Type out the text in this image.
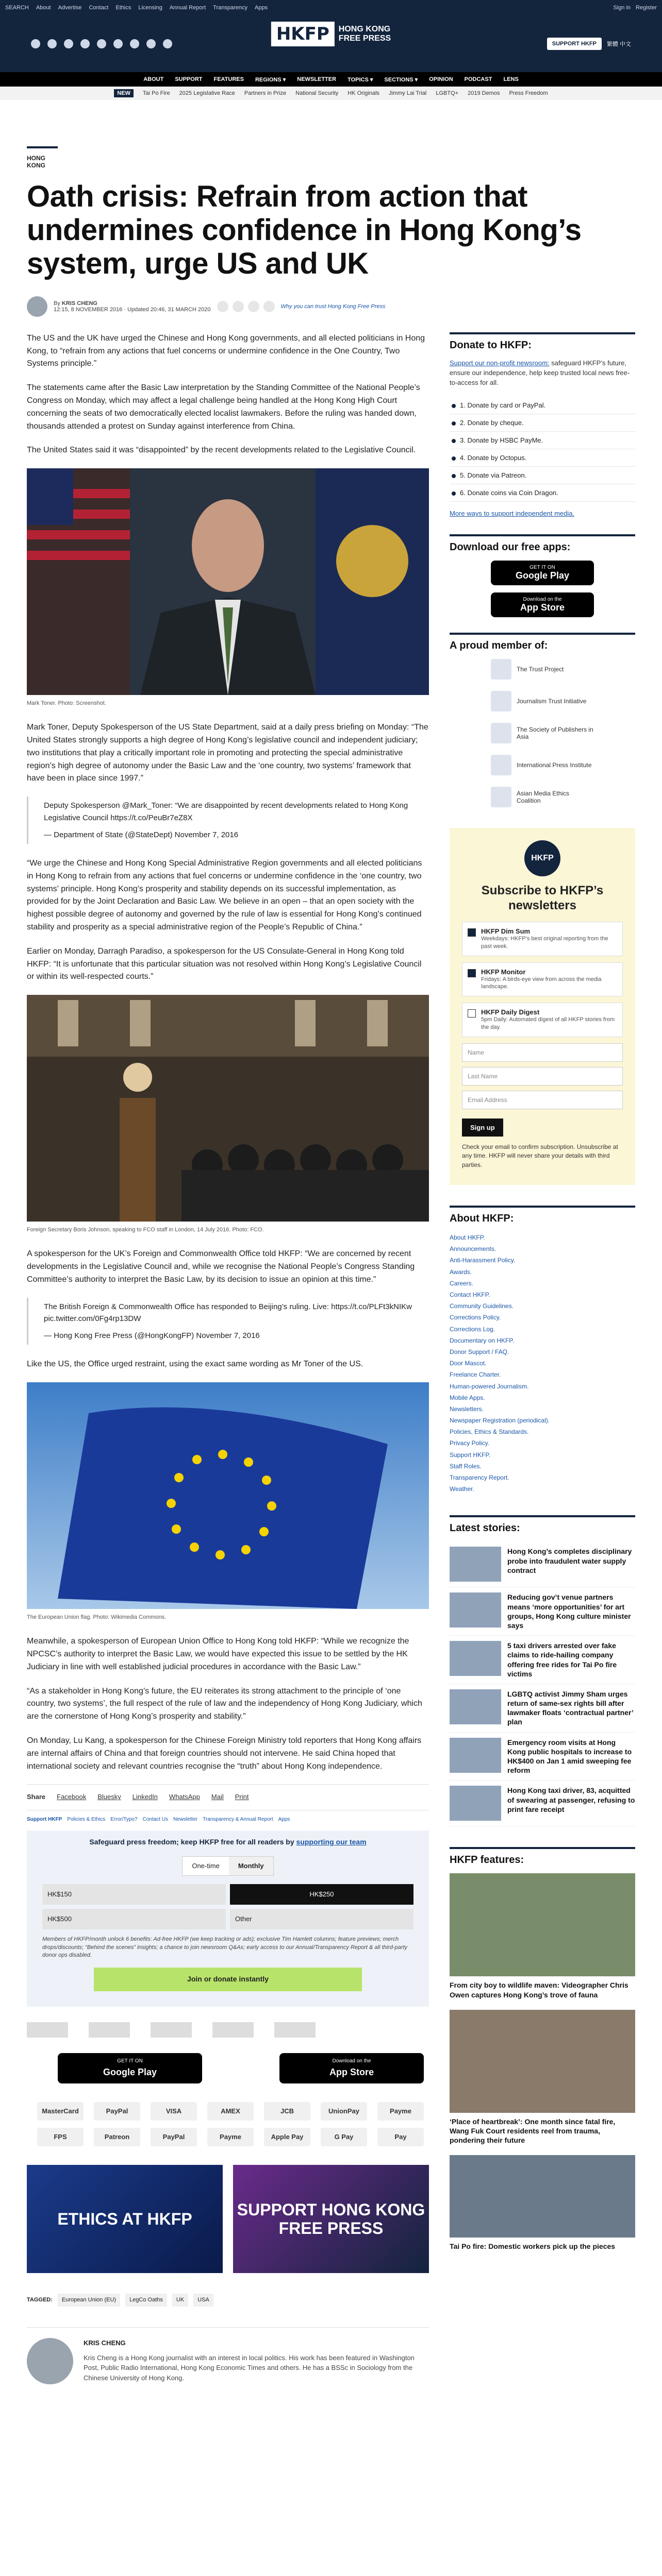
SEARCH About Advertise Contact Ethics Licensing Annual Report Transparency Apps	Sign in Register
HKFP	HONG KONG
FREE PRESS
SUPPORT HKFP	繁體 中文
ABOUT SUPPORT FEATURES REGIONS ▾ NEWSLETTER TOPICS ▾ SECTIONS ▾ OPINION PODCAST LENS
NEW	Tai Po Fire 2025 Legislative Race Partners in Prize National Security HK Originals Jimmy Lai Trial LGBTQ+ 2019 Demos Press Freedom
HONG KONG
Oath crisis: Refrain from action that undermines confidence in Hong Kong’s system, urge US and UK
By KRIS CHENG
12:15, 8 NOVEMBER 2016 · Updated 20:46, 31 MARCH 2020	Why you can trust Hong Kong Free Press

The US and the UK have urged the Chinese and Hong Kong governments, and all elected politicians in Hong Kong, to “refrain from any actions that fuel concerns or undermine confidence in the One Country, Two Systems principle.”

The statements came after the Basic Law interpretation by the Standing Committee of the National People’s Congress on Monday, which may affect a legal challenge being handled at the Hong Kong High Court concerning the seats of two democratically elected localist lawmakers. Before the ruling was handed down, thousands attended a protest on Sunday against interference from China.

The United States said it was “disappointed” by the recent developments related to the Legislative Council.

Mark Toner. Photo: Screenshot.

Mark Toner, Deputy Spokesperson of the US State Department, said at a daily press briefing on Monday: “The United States strongly supports a high degree of Hong Kong’s legislative council and independent judiciary; two institutions that play a critically important role in promoting and protecting the special administrative region’s high degree of autonomy under the Basic Law and the ‘one country, two systems’ framework that have been in place since 1997.”

Deputy Spokesperson @Mark_Toner: “We are disappointed by recent developments related to Hong Kong Legislative Council https://t.co/PeuBr7eZ8X
— Department of State (@StateDept) November 7, 2016

“We urge the Chinese and Hong Kong Special Administrative Region governments and all elected politicians in Hong Kong to refrain from any actions that fuel concerns or undermine confidence in the ‘one country, two systems’ principle. Hong Kong’s prosperity and stability depends on its successful implementation, as provided for by the Joint Declaration and Basic Law. We believe in an open – that an open society with the highest possible degree of autonomy and governed by the rule of law is essential for Hong Kong’s continued stability and prosperity as a special administrative region of the People’s Republic of China.”

Earlier on Monday, Darragh Paradiso, a spokesperson for the US Consulate-General in Hong Kong told HKFP: “It is unfortunate that this particular situation was not resolved within Hong Kong’s Legislative Council or within its well-respected courts.”

Foreign Secretary Boris Johnson, speaking to FCO staff in London, 14 July 2016. Photo: FCO.

A spokesperson for the UK’s Foreign and Commonwealth Office told HKFP: “We are concerned by recent developments in the Legislative Council and, while we recognise the National People’s Congress Standing Committee’s authority to interpret the Basic Law, by its decision to issue an opinion at this time.”

The British Foreign & Commonwealth Office has responded to Beijing’s ruling. Live: https://t.co/PLFt3kNIKw pic.twitter.com/0Fg4rp13DW
— Hong Kong Free Press (@HongKongFP) November 7, 2016

Like the US, the Office urged restraint, using the exact same wording as Mr Toner of the US.

The European Union flag. Photo: Wikimedia Commons.

Meanwhile, a spokesperson of European Union Office to Hong Kong told HKFP: “While we recognize the NPCSC’s authority to interpret the Basic Law, we would have expected this issue to be settled by the HK Judiciary in line with well established judicial procedures in accordance with the Basic Law.”

“As a stakeholder in Hong Kong’s future, the EU reiterates its strong attachment to the principle of ‘one country, two systems’, the full respect of the rule of law and the independency of Hong Kong Judiciary, which are the cornerstone of Hong Kong’s prosperity and stability.”

On Monday, Lu Kang, a spokesperson for the Chinese Foreign Ministry told reporters that Hong Kong affairs are internal affairs of China and that foreign countries should not intervene. He said China hoped that international society and relevant countries recognise the “truth” about Hong Kong independence.

Share Facebook Bluesky LinkedIn WhatsApp Mail Print
Support HKFP Policies & Ethics Error/Typo? Contact Us Newsletter Transparency & Annual Report Apps
Safeguard press freedom; keep HKFP free for all readers by supporting our team
One-time	Monthly
HK$150	HK$250
HK$500	Other
Members of HKFP/month unlock 6 benefits: Ad-free HKFP (we keep tracking or ads); exclusive Tim Hamlett columns; feature previews; merch drops/discounts; “Behind the scenes” insights; a chance to join newsroom Q&As; early access to our Annual/Transparency Report & all third-party donor ops disabled.
Join or donate instantly
GET IT ON
Google Play
Download on the
App Store
MasterCard	PayPal	VISA	AMEX	JCB	UnionPay	Payme
FPS	Patreon	PayPal	Payme	Apple Pay	G Pay	Pay
ETHICS AT HKFP
SUPPORT HONG KONG FREE PRESS
TAGGED:	European Union (EU)	LegCo Oaths	UK	USA
KRIS CHENG
Kris Cheng is a Hong Kong journalist with an interest in local politics. His work has been featured in Washington Post, Public Radio International, Hong Kong Economic Times and others. He has a BSSc in Sociology from the Chinese University of Hong Kong.
Donate to HKFP:
Support our non-profit newsroom: safeguard HKFP’s future, ensure our independence, help keep trusted local news free-to-access for all.
1. Donate by card or PayPal.
2. Donate by cheque.
3. Donate by HSBC PayMe.
4. Donate by Octopus.
5. Donate via Patreon.
6. Donate coins via Coin Dragon.
More ways to support independent media.
Download our free apps:
GET IT ON
Google Play
Download on the
App Store
A proud member of:
The Trust Project
Journalism Trust Initiative
The Society of Publishers in Asia
International Press Institute
Asian Media Ethics Coalition
HKFP
Subscribe to HKFP’s newsletters
HKFP Dim Sum
Weekdays: HKFP’s best original reporting from the past week.
HKFP Monitor
Fridays: A birds-eye view from across the media landscape.
HKFP Daily Digest
5pm Daily: Automated digest of all HKFP stories from the day.
Name
Last Name
Email Address
Sign up
Check your email to confirm subscription. Unsubscribe at any time. HKFP will never share your details with third parties.
About HKFP:
About HKFP.
Announcements.
Anti-Harassment Policy.
Awards.
Careers.
Contact HKFP.
Community Guidelines.
Corrections Policy.
Corrections Log.
Documentary on HKFP.
Donor Support / FAQ.
Door Mascot.
Freelance Charter.
Human-powered Journalism.
Mobile Apps.
Newsletters.
Newspaper Registration (periodical).
Policies, Ethics & Standards.
Privacy Policy.
Support HKFP.
Staff Roles.
Transparency Report.
Weather.
Latest stories:
Hong Kong’s completes disciplinary probe into fraudulent water supply contract
Reducing gov’t venue partners means ‘more opportunities’ for art groups, Hong Kong culture minister says
5 taxi drivers arrested over fake claims to ride-hailing company offering free rides for Tai Po fire victims
LGBTQ activist Jimmy Sham urges return of same-sex rights bill after lawmaker floats ‘contractual partner’ plan
Emergency room visits at Hong Kong public hospitals to increase to HK$400 on Jan 1 amid sweeping fee reform
Hong Kong taxi driver, 83, acquitted of swearing at passenger, refusing to print fare receipt
HKFP features:
From city boy to wildlife maven: Videographer Chris Owen captures Hong Kong’s trove of fauna
‘Place of heartbreak’: One month since fatal fire, Wang Fuk Court residents reel from trauma, pondering their future
Tai Po fire: Domestic workers pick up the pieces
